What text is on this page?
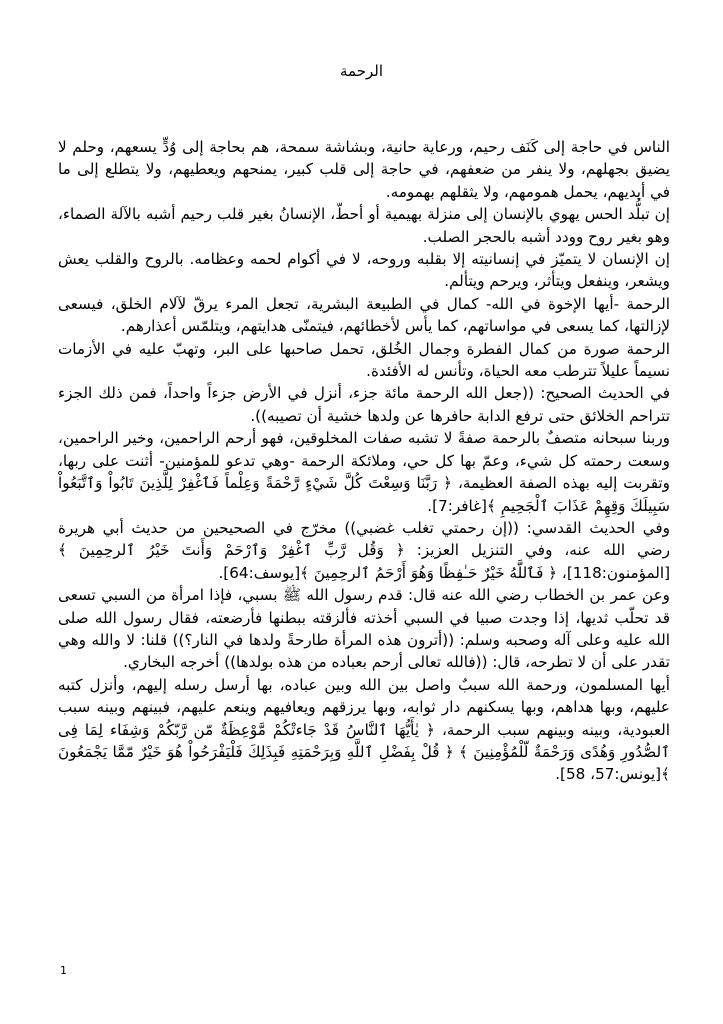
الرحمة

الناس في حاجة إلى كَنَف رحيم، ورعاية حانية، وبشاشة سمحة، هم بحاجة إلى وُدٍّ يسعهم، وحلم لا يضيق بجهلهم، ولا ينفر من ضعفهم، في حاجة إلى قلب كبير، يمنحهم ويعطيهم، ولا يتطلع إلى ما في أيديهم، يحمل همومهم، ولا يثقلهم بهمومه.

إن تبلُّد الحس يهوي بالإنسان إلى منزلة بهيمية أو أحطّ، الإنسانُ بغير قلب رحيم أشبه بالآلة الصماء، وهو بغير روح وودد أشبه بالحجر الصلب.

إن الإنسان لا يتميّز في إنسانيته إلا بقلبه وروحه، لا في أكوام لحمه وعظامه. بالروح والقلب يعش ويشعر، وينفعل ويتأثر، ويرحم ويتألم.

الرحمة -أيها الإخوة في الله- كمال في الطبيعة البشرية، تجعل المرء يرقّ لآلام الخلق، فيسعى لإزالتها، كما يسعى في مواساتهم، كما يأس لأخطائهم، فيتمنّى هدايتهم، ويتلمّس أعذارهم.

الرحمة صورة من كمال الفطرة وجمال الخُلق، تحمل صاحبها على البر، وتهبّ عليه في الأزمات نسيماً عليلاً تترطب معه الحياة، وتأنس له الأفئدة.

في الحديث الصحيح: ((جعل الله الرحمة مائة جزء، أنزل في الأرض جزءاً واحداً، فمن ذلك الجزء تتراحم الخلائق حتى ترفع الدابة حافرها عن ولدها خشية أن تصيبه)).

وربنا سبحانه متصفٌ بالرحمة صفةً لا تشبه صفات المخلوقين، فهو أرحم الراحمين، وخير الراحمين، وسعت رحمته كل شيء، وعمّ بها كل حي، وملائكة الرحمة -وهي تدعو للمؤمنين- أثنت على ربها، وتقربت إليه بهذه الصفة العظيمة، ﴿ رَبَّنَا وَسِعْتَ كُلَّ شَيْءٍ رَّحْمَةً وَعِلْماً فَٱغْفِرْ لِلَّذِينَ تَابُواْ وَٱتَّبَعُواْ سَبِيلَكَ وَقِهِمْ عَذَابَ ٱلْجَحِيمِ ﴾[غافر:7].

وفي الحديث القدسي: ((إن رحمتي تغلب غضبي)) مخرّج في الصحيحين من حديث أبي هريرة رضي الله عنه، وفي التنزيل العزيز: ﴿ وَقُل رَّبِّ ٱغْفِرْ وَٱرْحَمْ وَأَنتَ خَيْرُ ٱلرحِمِينَ ﴾[المؤمنون:118]، ﴿ فَٱللَّهُ خَيْرٌ حَـٰفِظًا وَهُوَ أَرْحَمُ ٱلرحِمِينَ ﴾[يوسف:64].

وعن عمر بن الخطاب رضي الله عنه قال: قدم رسول الله ﷺ بسبي، فإذا امرأة من السبي تسعى قد تحلّب ثديها، إذا وجدت صبيا في السبي أخذته فألزقته ببطنها فأرضعته، فقال رسول الله صلى الله عليه وعلى آله وصحبه وسلم: ((أترون هذه المرأة طارحةً ولدها في النار؟)) قلنا: لا والله وهي تقدر على أن لا تطرحه، قال: ((فالله تعالى أرحم بعباده من هذه بولدها)) أخرجه البخاري.

أيها المسلمون، ورحمة الله سببٌ واصل بين الله وبين عباده، بها أرسل رسله إليهم، وأنزل كتبه عليهم، وبها هداهم، وبها يسكنهم دار ثوابه، وبها يرزقهم ويعافيهم وينعم عليهم، فبينهم وبينه سبب العبودية، وبينه وبينهم سبب الرحمة، ﴿ يٰأَيُّهَا ٱلنَّاسُ قَدْ جَاءتْكُمْ مَّوْعِظَةٌ مّن رَّبّكُمْ وَشِفَاء لِمَا فِى ٱلصُّدُورِ وَهُدًى وَرَحْمَةٌ لّلْمُؤْمِنِينَ ﴾ ﴿ قُلْ بِفَضْلِ ٱللَّهِ وَبِرَحْمَتِهِ فَبِذَلِكَ فَلْيَفْرَحُواْ هُوَ خَيْرٌ مّمَّا يَجْمَعُونَ ﴾[يونس:57، 58].

1
